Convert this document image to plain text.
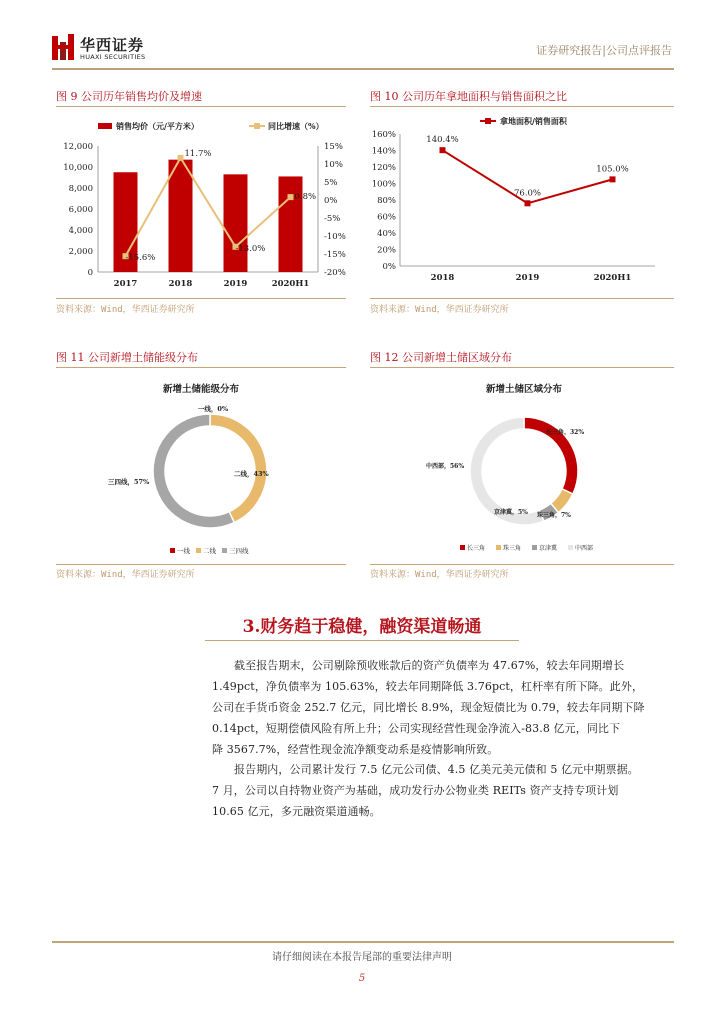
华西证券
HUAXI SECURITIES	证券研究报告|公司点评报告
图 9 公司历年销售均价及增速	图 10 公司历年拿地面积与销售面积之比
销售均价（元/平方米）	同比增速（%）
12,000
10,000
8,000
6,000
4,000
2,000
0
15%
10%
5%
0%
-5%
-10%
-15%
-20%
2017	2018	2019	2020H1
-15.6%
11.7%
-13.0%
0.8%
拿地面积/销售面积
160%
140%
120%
100%
80%
60%
40%
20%
0%
140.4%
2018
76.0%
2019
105.0%
2020H1
资料来源：Wind，华西证券研究所	资料来源：Wind，华西证券研究所
图 11 公司新增土储能级分布	图 12 公司新增土储区域分布
新增土储能级分布
一线，0%
二线，43%
三四线，57%
一线 二线 三四线
新增土储区域分布
长三角，32%
珠三角，7%
京津冀，5%
中西部，56%
长三角	珠三角	京津冀	中西部
资料来源：Wind，华西证券研究所	资料来源：Wind，华西证券研究所
3.财务趋于稳健，融资渠道畅通
截至报告期末，公司剔除预收账款后的资产负债率为 47.67%，较去年同期增长
1.49pct，净负债率为 105.63%，较去年同期降低 3.76pct，杠杆率有所下降。此外，
公司在手货币资金 252.7 亿元，同比增长 8.9%，现金短债比为 0.79，较去年同期下降
0.14pct，短期偿债风险有所上升；公司实现经营性现金净流入-83.8 亿元，同比下
降 3567.7%，经营性现金流净额变动系是疫情影响所致。
报告期内，公司累计发行 7.5 亿元公司债、4.5 亿美元美元债和 5 亿元中期票据。
7 月，公司以自持物业资产为基础，成功发行办公物业类 REITs 资产支持专项计划
10.65 亿元，多元融资渠道通畅。
请仔细阅读在本报告尾部的重要法律声明
5
